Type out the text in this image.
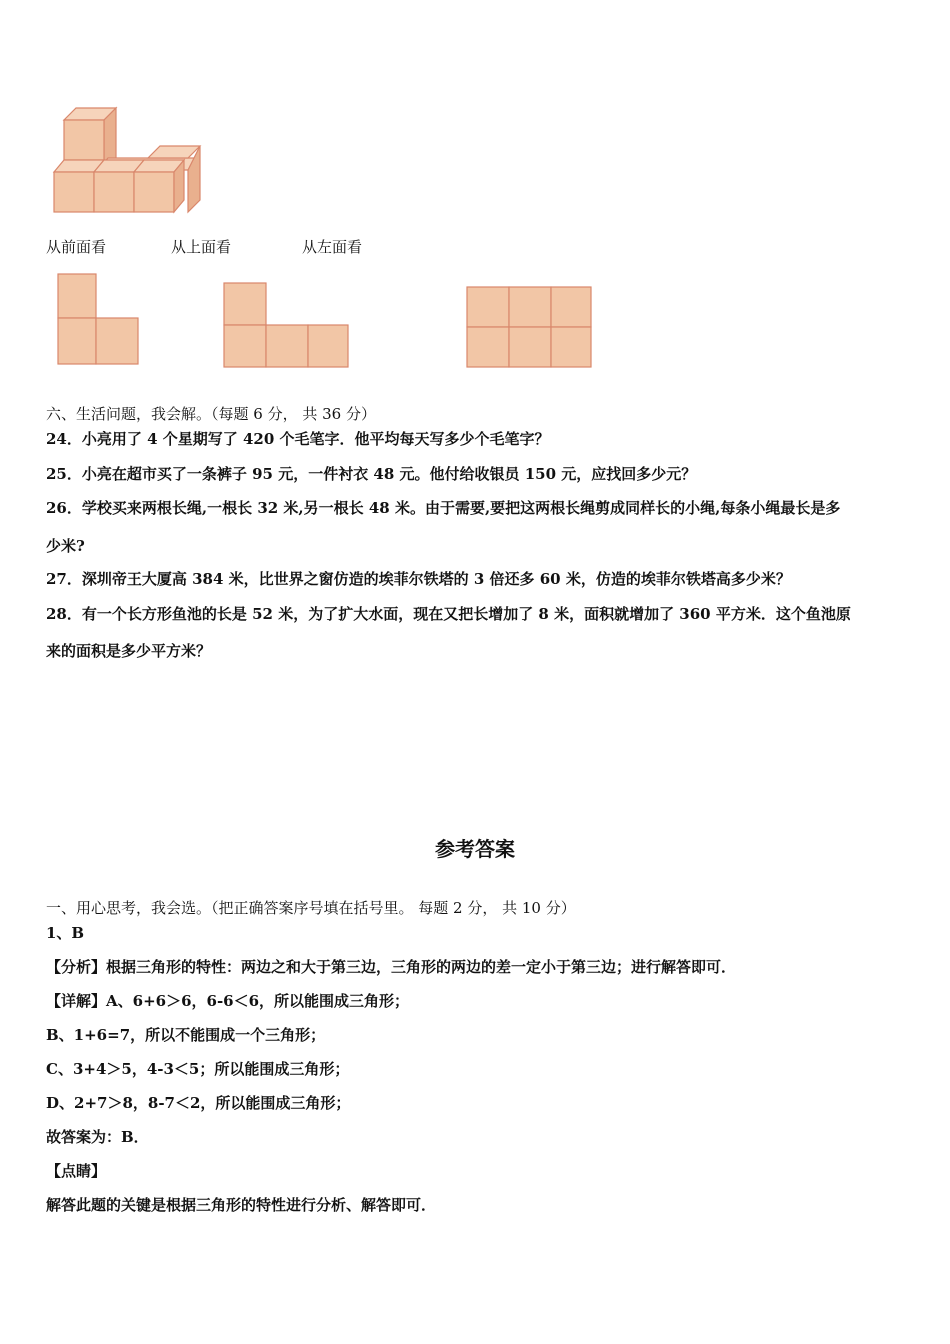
从前面看	从上面看	从左面看
六、生活问题，我会解。（每题 6 分， 共 36 分）
24．小亮用了 4 个星期写了 420 个毛笔字．他平均每天写多少个毛笔字？
25．小亮在超市买了一条裤子 95 元，一件衬衣 48 元。他付给收银员 150 元，应找回多少元？
26．学校买来两根长绳,一根长 32 米,另一根长 48 米。由于需要,要把这两根长绳剪成同样长的小绳,每条小绳最长是多
少米?
27．深圳帝王大厦高 384 米，比世界之窗仿造的埃菲尔铁塔的 3 倍还多 60 米，仿造的埃菲尔铁塔高多少米？
28．有一个长方形鱼池的长是 52 米，为了扩大水面，现在又把长增加了 8 米，面积就增加了 360 平方米．这个鱼池原
来的面积是多少平方米？
参考答案
一、用心思考，我会选。（把正确答案序号填在括号里。 每题 2 分， 共 10 分）
1、B
【分析】根据三角形的特性：两边之和大于第三边，三角形的两边的差一定小于第三边；进行解答即可．
【详解】A、6+6＞6，6-6＜6，所以能围成三角形；
B、1+6=7，所以不能围成一个三角形；
C、3+4＞5，4-3＜5；所以能围成三角形；
D、2+7＞8，8-7＜2，所以能围成三角形；
故答案为：B．
【点睛】
解答此题的关键是根据三角形的特性进行分析、解答即可．
